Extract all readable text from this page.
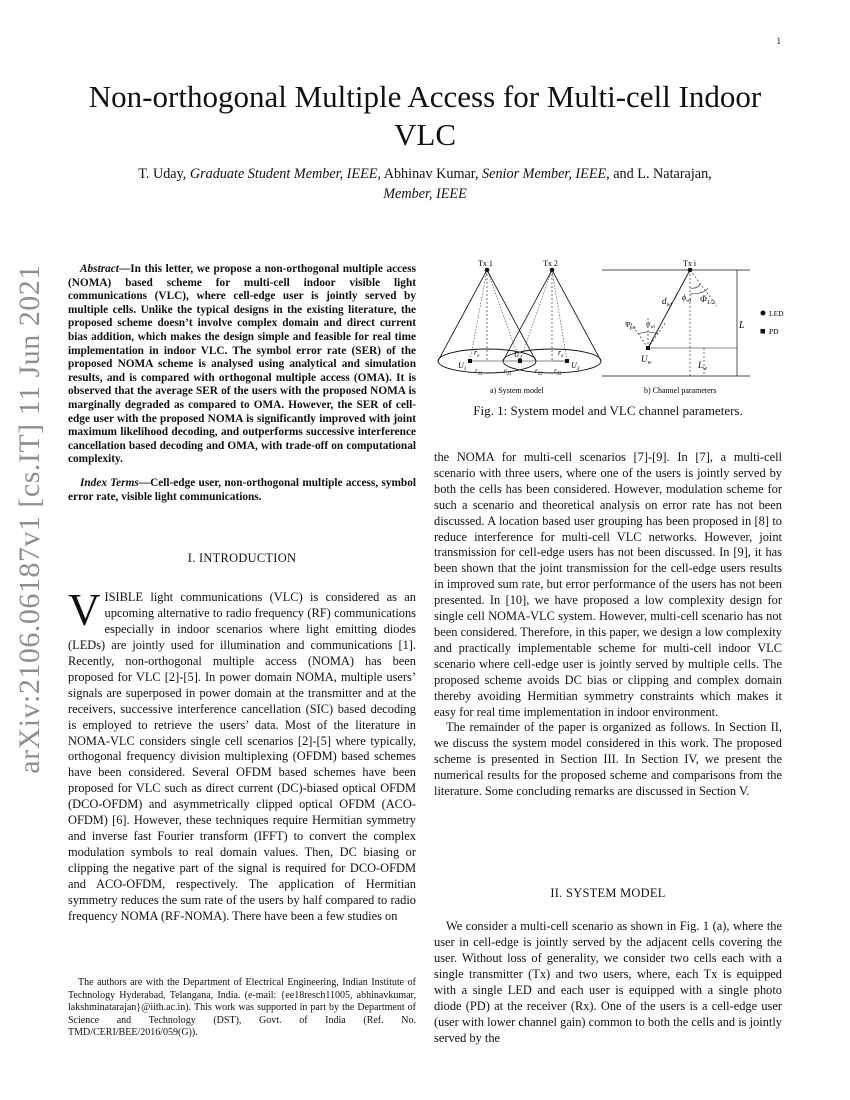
1
Non-orthogonal Multiple Access for Multi-cell Indoor VLC
T. Uday, Graduate Student Member, IEEE, Abhinav Kumar, Senior Member, IEEE, and L. Natarajan, Member, IEEE
arXiv:2106.06187v1 [cs.IT] 11 Jun 2021	Abstract—In this letter, we propose a non-orthogonal multiple access (NOMA) based scheme for multi-cell indoor visible light communications (VLC), where cell-edge user is jointly served by multiple cells. Unlike the typical designs in the existing literature, the proposed scheme doesn’t involve complex domain and direct current bias addition, which makes the design simple and feasible for real time implementation in indoor VLC. The symbol error rate (SER) of the proposed NOMA scheme is analysed using analytical and simulation results, and is compared with orthogonal multiple access (OMA). It is observed that the average SER of the users with the proposed NOMA is marginally degraded as compared to OMA. However, the SER of cell-edge user with the proposed NOMA is significantly improved with joint maximum likelihood decoding, and outperforms successive interference cancellation based decoding and OMA, with trade-off on computational complexity.

Index Terms—Cell-edge user, non-orthogonal multiple access, symbol error rate, visible light communications.

I. INTRODUCTION

VISIBLE light communications (VLC) is considered as an upcoming alternative to radio frequency (RF) communications especially in indoor scenarios where light emitting diodes (LEDs) are jointly used for illumination and communications [1]. Recently, non-orthogonal multiple access (NOMA) has been proposed for VLC [2]-[5]. In power domain NOMA, multiple users’ signals are superposed in power domain at the transmitter and at the receivers, successive interference cancellation (SIC) based decoding is employed to retrieve the users’ data. Most of the literature in NOMA-VLC considers single cell scenarios [2]-[5] where typically, orthogonal frequency division multiplexing (OFDM) based schemes have been considered. Several OFDM based schemes have been proposed for VLC such as direct current (DC)-biased optical OFDM (DCO-OFDM) and asymmetrically clipped optical OFDM (ACO-OFDM) [6]. However, these techniques require Hermitian symmetry and inverse fast Fourier transform (IFFT) to convert the complex modulation symbols to real domain values. Then, DC biasing or clipping the negative part of the signal is required for DCO-OFDM and ACO-OFDM, respectively. The application of Hermitian symmetry reduces the sum rate of the users by half compared to radio frequency NOMA (RF-NOMA). There have been a few studies on

The authors are with the Department of Electrical Engineering, Indian Institute of Technology Hyderabad, Telangana, India. (e-mail: {ee18resch11005, abhinavkumar, lakshminatarajan}@iith.ac.in). This work was supported in part by the Department of Science and Technology (DST), Govt. of India (Ref. No. TMD/CERI/BEE/2016/059(G)).
Tx 1	Tx 2
$U_1$	$U_3$
$U_2$
$r_e$	$r_e$
$r_{11}$	$r_{21}$	$r_{22}$ $r_{32}$
a) System model
Tx i
$d_{wi}$
$\phi_{wi}$ $\Phi_{1/2}$
$\Psi_{fov}$
$\psi_{wi}$
$U_w$	$L_w$
L
LED
PD
b) Channel parameters
Fig. 1: System model and VLC channel parameters.

the NOMA for multi-cell scenarios [7]-[9]. In [7], a multi-cell scenario with three users, where one of the users is jointly served by both the cells has been considered. However, modulation scheme for such a scenario and theoretical analysis on error rate has not been discussed. A location based user grouping has been proposed in [8] to reduce interference for multi-cell VLC networks. However, joint transmission for cell-edge users has not been discussed. In [9], it has been shown that the joint transmission for the cell-edge users results in improved sum rate, but error performance of the users has not been presented. In [10], we have proposed a low complexity design for single cell NOMA-VLC system. However, multi-cell scenario has not been considered. Therefore, in this paper, we design a low complexity and practically implementable scheme for multi-cell indoor VLC scenario where cell-edge user is jointly served by multiple cells. The proposed scheme avoids DC bias or clipping and complex domain thereby avoiding Hermitian symmetry constraints which makes it easy for real time implementation in indoor environment.

The remainder of the paper is organized as follows. In Section II, we discuss the system model considered in this work. The proposed scheme is presented in Section III. In Section IV, we present the numerical results for the proposed scheme and comparisons from the literature. Some concluding remarks are discussed in Section V.

II. SYSTEM MODEL

We consider a multi-cell scenario as shown in Fig. 1 (a), where the user in cell-edge is jointly served by the adjacent cells covering the user. Without loss of generality, we consider two cells each with a single transmitter (Tx) and two users, where, each Tx is equipped with a single LED and each user is equipped with a single photo diode (PD) at the receiver (Rx). One of the users is a cell-edge user (user with lower channel gain) common to both the cells and is jointly served by the
